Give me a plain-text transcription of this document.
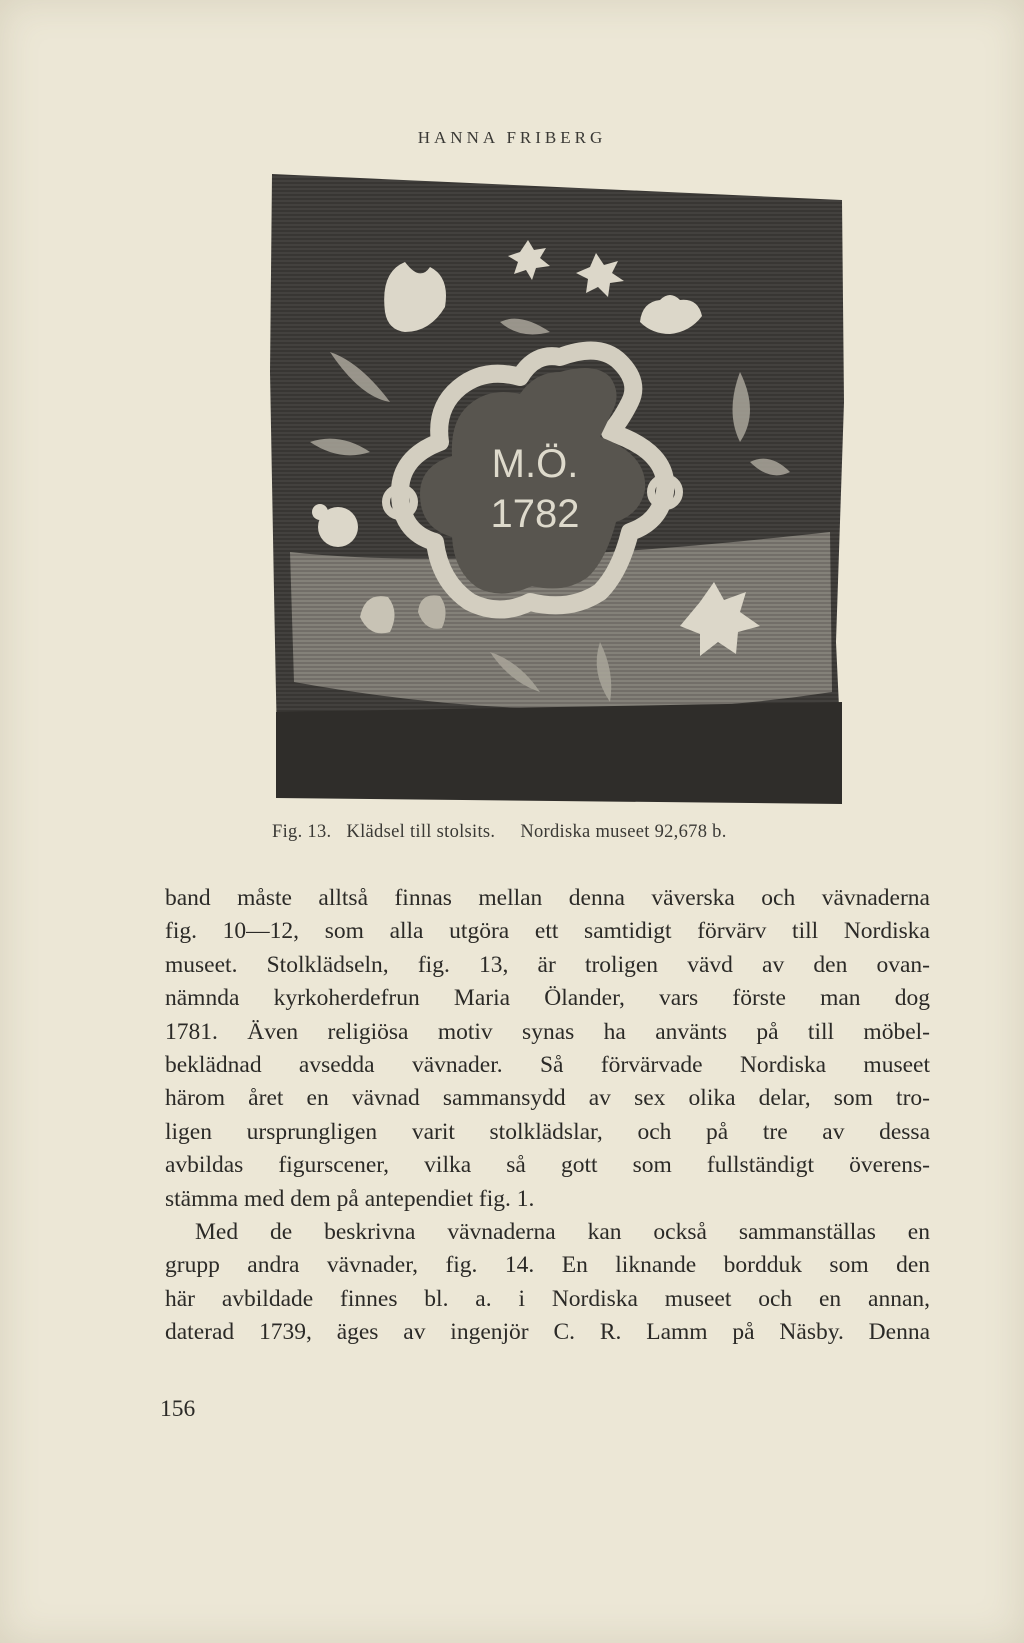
HANNA FRIBERG
M.Ö.
1782
Fig. 13. Klädsel till stolsits. Nordiska museet 92,678 b.
band måste alltså finnas mellan denna väverska och vävnaderna
fig. 10—12, som alla utgöra ett samtidigt förvärv till Nordiska
museet. Stolklädseln, fig. 13, är troligen vävd av den ovan-
nämnda kyrkoherdefrun Maria Ölander, vars förste man dog
1781. Även religiösa motiv synas ha använts på till möbel-
beklädnad avsedda vävnader. Så förvärvade Nordiska museet
härom året en vävnad sammansydd av sex olika delar, som tro-
ligen ursprungligen varit stolklädslar, och på tre av dessa
avbildas figurscener, vilka så gott som fullständigt överens-
stämma med dem på antependiet fig. 1.
Med de beskrivna vävnaderna kan också sammanställas en
grupp andra vävnader, fig. 14. En liknande bordduk som den
här avbildade finnes bl. a. i Nordiska museet och en annan,
daterad 1739, äges av ingenjör C. R. Lamm på Näsby. Denna
156
